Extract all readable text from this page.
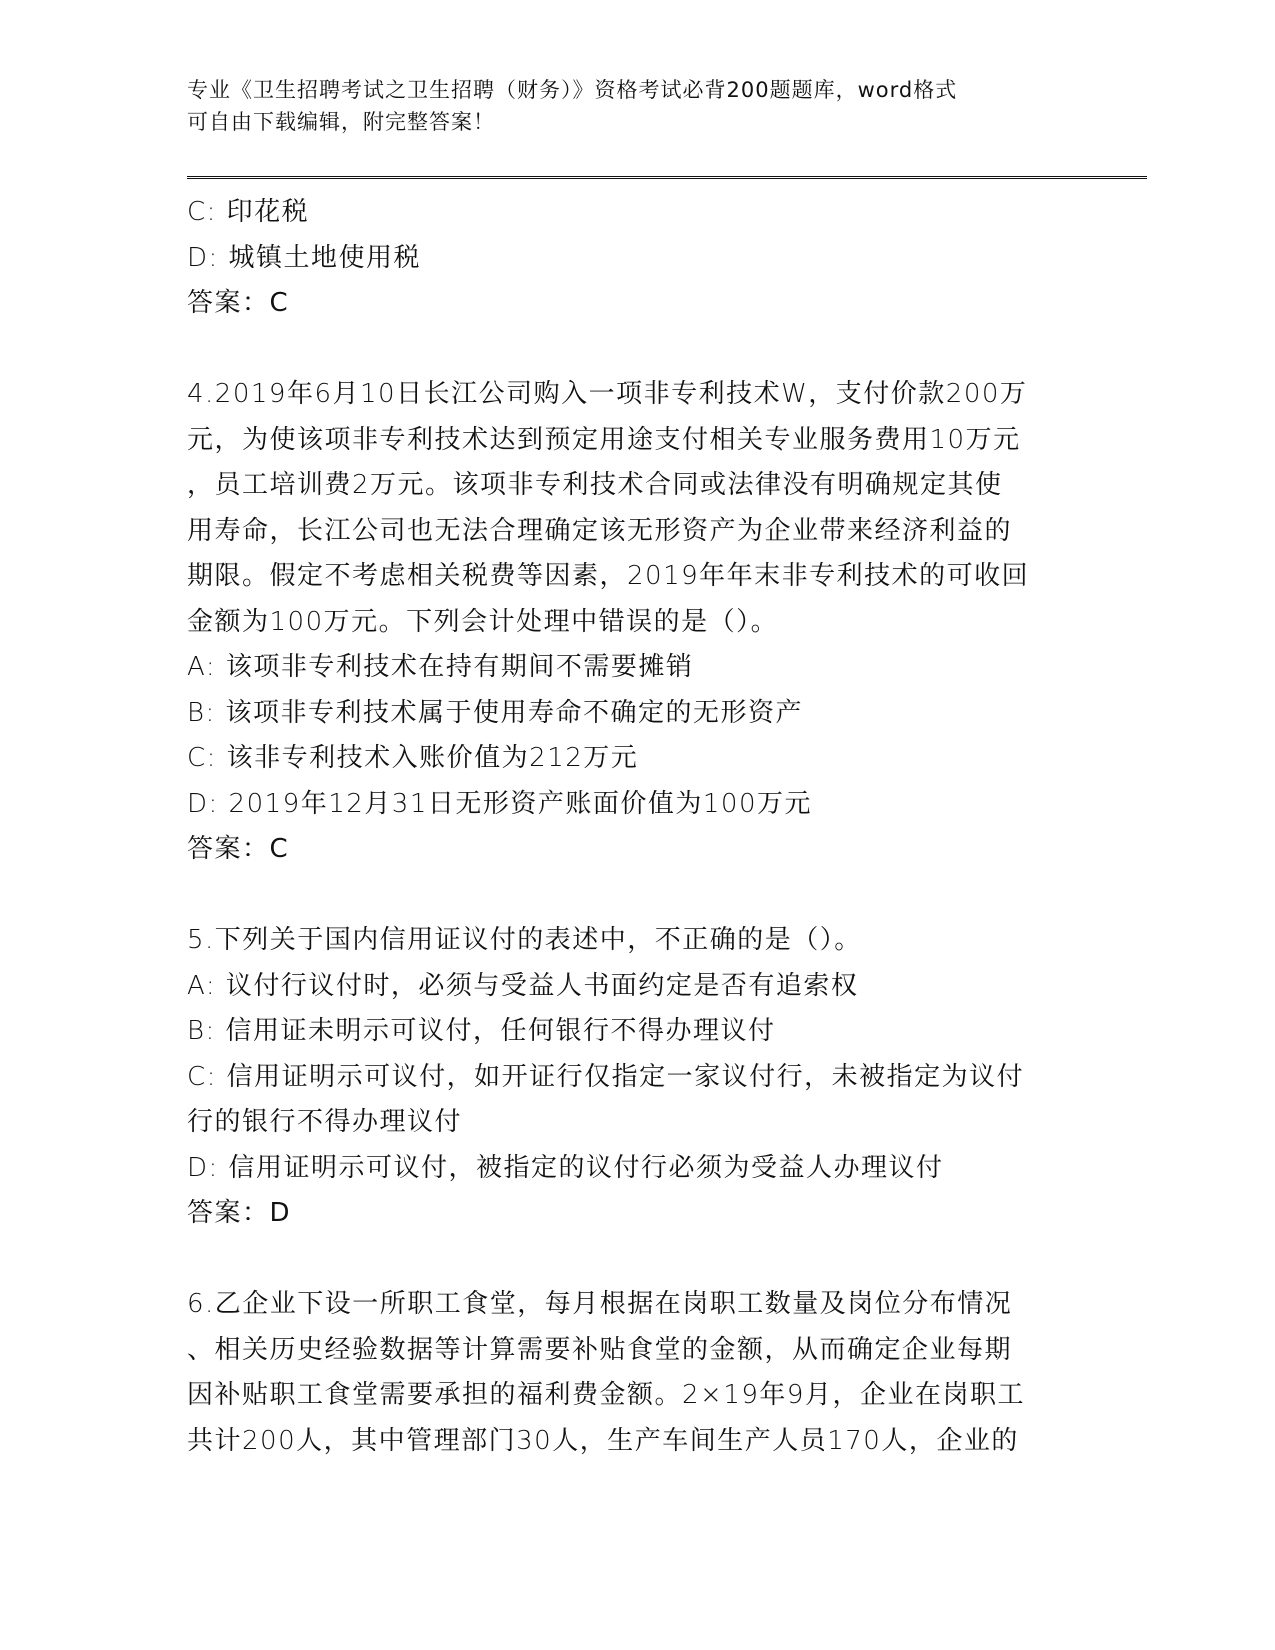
专业《卫生招聘考试之卫生招聘（财务）》资格考试必背200题题库，word格式
可自由下载编辑，附完整答案！
C: 印花税
D: 城镇土地使用税
答案：C
4.2019年6月10日长江公司购入一项非专利技术W，支付价款200万
元，为使该项非专利技术达到预定用途支付相关专业服务费用10万元
，员工培训费2万元。该项非专利技术合同或法律没有明确规定其使
用寿命，长江公司也无法合理确定该无形资产为企业带来经济利益的
期限。假定不考虑相关税费等因素，2019年年末非专利技术的可收回
金额为100万元。下列会计处理中错误的是（）。
A: 该项非专利技术在持有期间不需要摊销
B: 该项非专利技术属于使用寿命不确定的无形资产
C: 该非专利技术入账价值为212万元
D: 2019年12月31日无形资产账面价值为100万元
答案：C
5.下列关于国内信用证议付的表述中，不正确的是（）。
A: 议付行议付时，必须与受益人书面约定是否有追索权
B: 信用证未明示可议付，任何银行不得办理议付
C: 信用证明示可议付，如开证行仅指定一家议付行，未被指定为议付
行的银行不得办理议付
D: 信用证明示可议付，被指定的议付行必须为受益人办理议付
答案：D
6.乙企业下设一所职工食堂，每月根据在岗职工数量及岗位分布情况
、相关历史经验数据等计算需要补贴食堂的金额，从而确定企业每期
因补贴职工食堂需要承担的福利费金额。2×19年9月，企业在岗职工
共计200人，其中管理部门30人，生产车间生产人员170人，企业的
